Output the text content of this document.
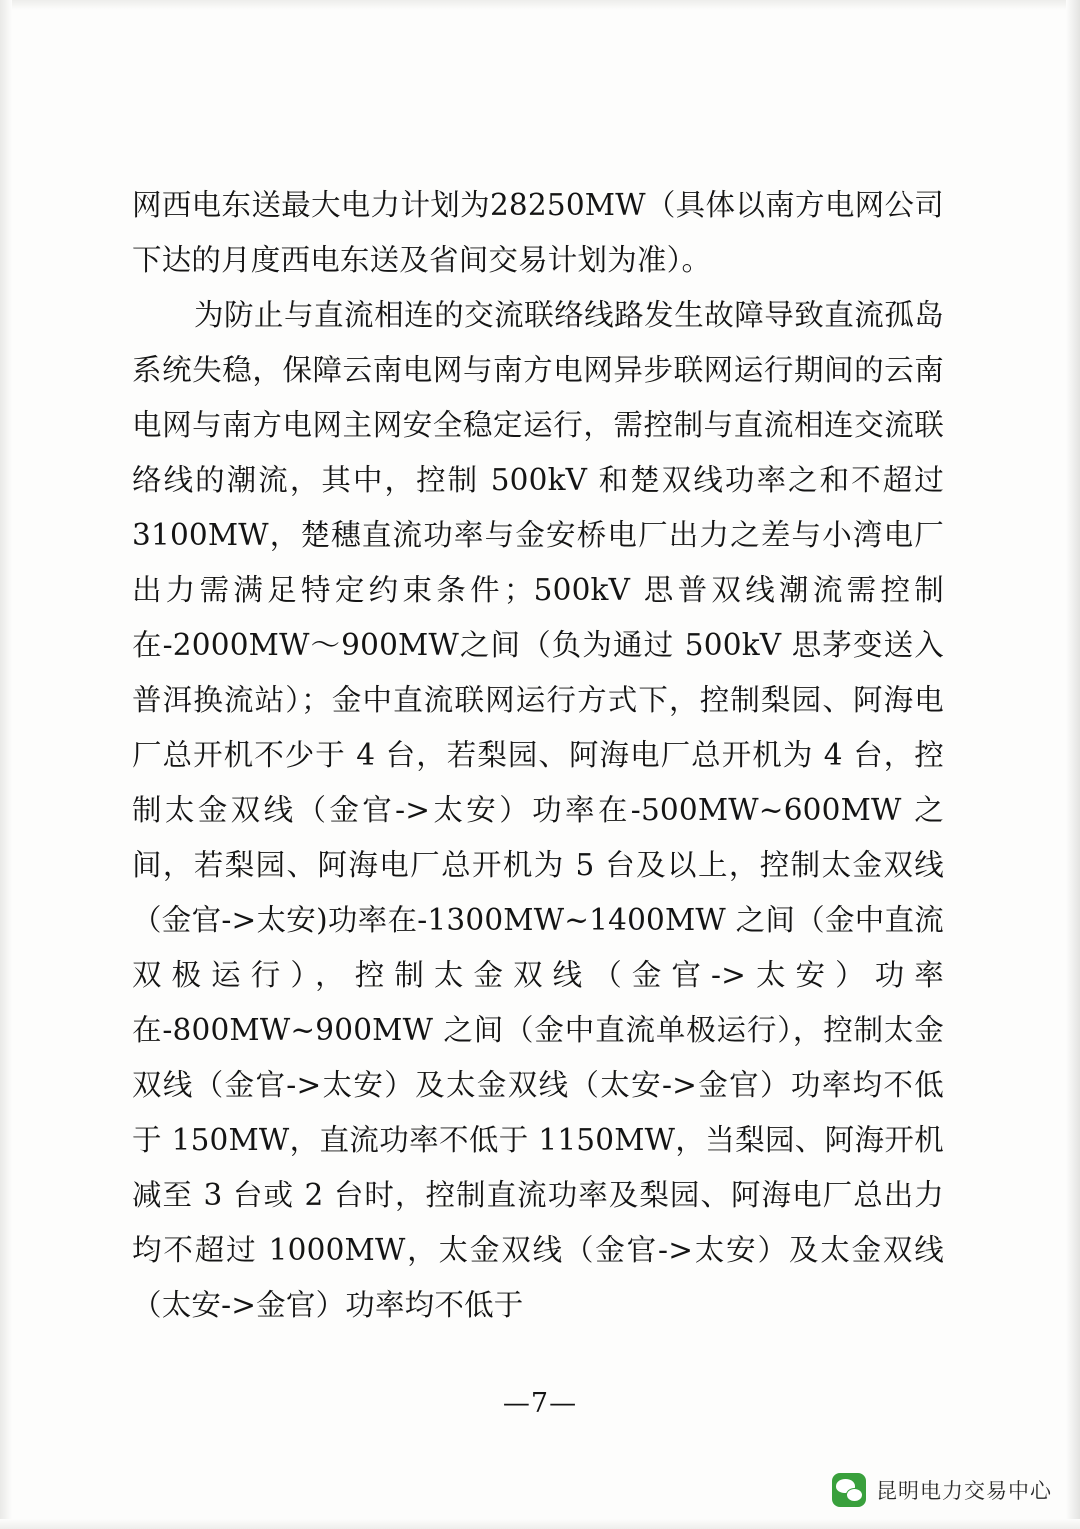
网西电东送最大电力计划为28250MW（具体以南方电网公司下达的月度西电东送及省间交易计划为准）。

为防止与直流相连的交流联络线路发生故障导致直流孤岛系统失稳，保障云南电网与南方电网异步联网运行期间的云南电网与南方电网主网安全稳定运行，需控制与直流相连交流联络线的潮流，其中，控制 500kV 和楚双线功率之和不超过 3100MW，楚穗直流功率与金安桥电厂出力之差与小湾电厂出力需满足特定约束条件；500kV 思普双线潮流需控制在-2000MW～900MW之间（负为通过 500kV 思茅变送入普洱换流站）；金中直流联网运行方式下，控制梨园、阿海电厂总开机不少于 4 台，若梨园、阿海电厂总开机为 4 台，控制太金双线（金官->太安）功率在-500MW~600MW 之间，若梨园、阿海电厂总开机为 5 台及以上，控制太金双线（金官->太安)功率在-1300MW~1400MW 之间（金中直流双极运行），控制太金双线（金官->太安）功率在-800MW~900MW 之间（金中直流单极运行），控制太金双线（金官->太安）及太金双线（太安->金官）功率均不低于 150MW，直流功率不低于 1150MW，当梨园、阿海开机减至 3 台或 2 台时，控制直流功率及梨园、阿海电厂总出力均不超过 1000MW，太金双线（金官->太安）及太金双线（太安->金官）功率均不低于

—7—
昆明电力交易中心
